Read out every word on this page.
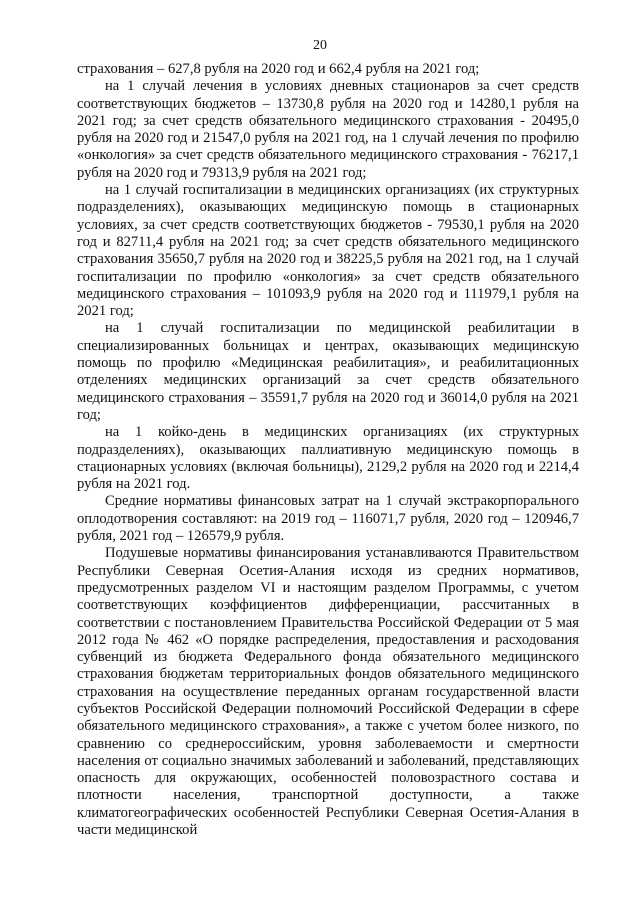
20

страхования – 627,8 рубля на 2020 год и 662,4 рубля на 2021 год;

на 1 случай лечения в условиях дневных стационаров за счет средств соответствующих бюджетов – 13730,8 рубля на 2020 год и 14280,1 рубля на 2021 год; за счет средств обязательного медицинского страхования - 20495,0 рубля на 2020 год и 21547,0 рубля на 2021 год, на 1 случай лечения по профилю «онкология» за счет средств обязательного медицинского страхования - 76217,1 рубля на 2020 год и 79313,9 рубля на 2021 год;

на 1 случай госпитализации в медицинских организациях (их структурных подразделениях), оказывающих медицинскую помощь в стационарных условиях, за счет средств соответствующих бюджетов - 79530,1 рубля на 2020 год и 82711,4 рубля на 2021 год; за счет средств обязательного медицинского страхования 35650,7 рубля на 2020 год и 38225,5 рубля на 2021 год, на 1 случай госпитализации по профилю «онкология» за счет средств обязательного медицинского страхования – 101093,9 рубля на 2020 год и 111979,1 рубля на 2021 год;

на 1 случай госпитализации по медицинской реабилитации в специализированных больницах и центрах, оказывающих медицинскую помощь по профилю «Медицинская реабилитация», и реабилитационных отделениях медицинских организаций за счет средств обязательного медицинского страхования – 35591,7 рубля на 2020 год и 36014,0 рубля на 2021 год;

на 1 койко-день в медицинских организациях (их структурных подразделениях), оказывающих паллиативную медицинскую помощь в стационарных условиях (включая больницы), 2129,2 рубля на 2020 год и 2214,4 рубля на 2021 год.

Средние нормативы финансовых затрат на 1 случай экстракорпорального оплодотворения составляют: на 2019 год – 116071,7 рубля, 2020 год – 120946,7 рубля, 2021 год – 126579,9 рубля.

Подушевые нормативы финансирования устанавливаются Правительством Республики Северная Осетия-Алания исходя из средних нормативов, предусмотренных разделом VI и настоящим разделом Программы, с учетом соответствующих коэффициентов дифференциации, рассчитанных в соответствии с постановлением Правительства Российской Федерации от 5 мая 2012 года № 462 «О порядке распределения, предоставления и расходования субвенций из бюджета Федерального фонда обязательного медицинского страхования бюджетам территориальных фондов обязательного медицинского страхования на осуществление переданных органам государственной власти субъектов Российской Федерации полномочий Российской Федерации в сфере обязательного медицинского страхования», а также с учетом более низкого, по сравнению со среднероссийским, уровня заболеваемости и смертности населения от социально значимых заболеваний и заболеваний, представляющих опасность для окружающих, особенностей половозрастного состава и плотности населения, транспортной доступности, а также климатогеографических особенностей Республики Северная Осетия-Алания в части медицинской
